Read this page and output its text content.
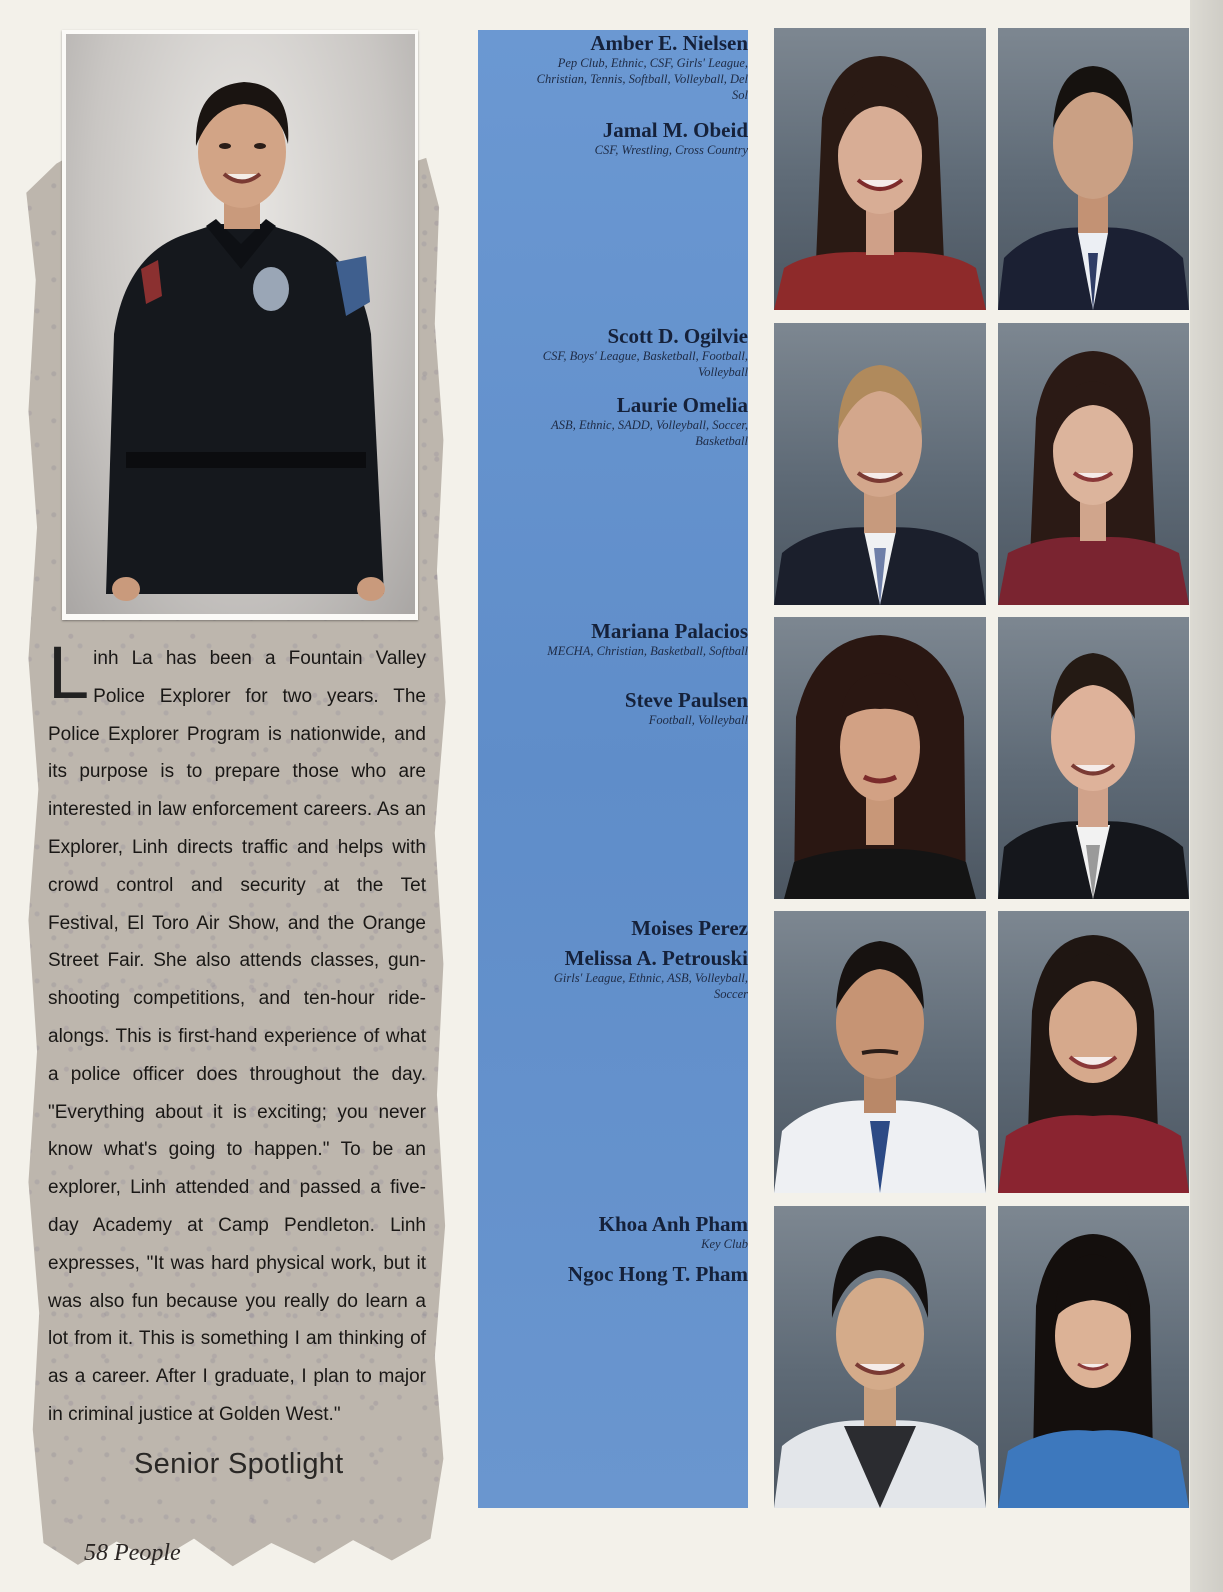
Linh La has been a Fountain Valley Police Explorer for two years. The Police Explorer Program is nationwide, and its purpose is to prepare those who are interested in law enforcement careers. As an Explorer, Linh directs traffic and helps with crowd control and security at the Tet Festival, El Toro Air Show, and the Orange Street Fair. She also attends classes, gun-shooting competitions, and ten-hour ride-alongs. This is first-hand experience of what a police officer does throughout the day. "Everything about it is exciting; you never know what's going to happen." To be an explorer, Linh attended and passed a five-day Academy at Camp Pendleton. Linh expresses, "It was hard physical work, but it was also fun because you really do learn a lot from it. This is something I am thinking of as a career. After I graduate, I plan to major in criminal justice at Golden West."
Senior Spotlight
58 People
Amber E. Nielsen
Pep Club, Ethnic, CSF, Girls' League, Christian, Tennis, Softball, Volleyball, Del Sol
Jamal M. Obeid
CSF, Wrestling, Cross Country
Scott D. Ogilvie
CSF, Boys' League, Basketball, Football, Volleyball
Laurie Omelia
ASB, Ethnic, SADD, Volleyball, Soccer, Basketball
Mariana Palacios
MECHA, Christian, Basketball, Softball
Steve Paulsen
Football, Volleyball
Moises Perez
Melissa A. Petrouski
Girls' League, Ethnic, ASB, Volleyball, Soccer
Khoa Anh Pham
Key Club
Ngoc Hong T. Pham
